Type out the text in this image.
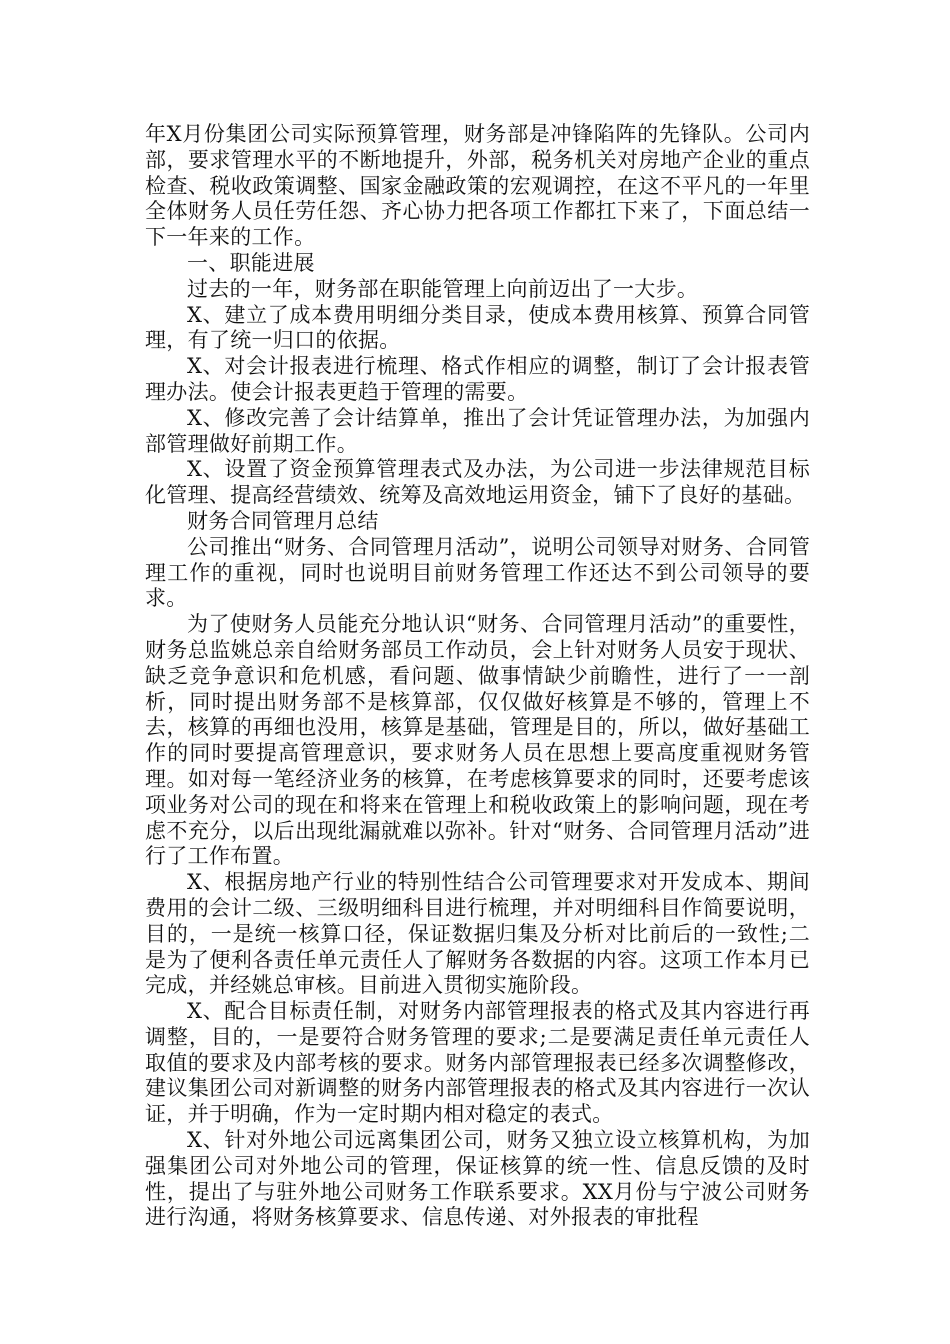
年X月份集团公司实际预算管理，财务部是冲锋陷阵的先锋队。公司内部，要求管理水平的不断地提升，外部，税务机关对房地产企业的重点检查、税收政策调整、国家金融政策的宏观调控，在这不平凡的一年里全体财务人员任劳任怨、齐心协力把各项工作都扛下来了，下面总结一下一年来的工作。

一、职能进展

过去的一年，财务部在职能管理上向前迈出了一大步。

X、建立了成本费用明细分类目录，使成本费用核算、预算合同管理，有了统一归口的依据。

X、对会计报表进行梳理、格式作相应的调整，制订了会计报表管理办法。使会计报表更趋于管理的需要。

X、修改完善了会计结算单，推出了会计凭证管理办法，为加强内部管理做好前期工作。

X、设置了资金预算管理表式及办法，为公司进一步法律规范目标化管理、提高经营绩效、统筹及高效地运用资金，铺下了良好的基础。

财务合同管理月总结

公司推出“财务、合同管理月活动”，说明公司领导对财务、合同管理工作的重视，同时也说明目前财务管理工作还达不到公司领导的要求。

为了使财务人员能充分地认识“财务、合同管理月活动”的重要性，财务总监姚总亲自给财务部员工作动员，会上针对财务人员安于现状、缺乏竞争意识和危机感，看问题、做事情缺少前瞻性，进行了一一剖析，同时提出财务部不是核算部，仅仅做好核算是不够的，管理上不去，核算的再细也没用，核算是基础，管理是目的，所以，做好基础工作的同时要提高管理意识，要求财务人员在思想上要高度重视财务管理。如对每一笔经济业务的核算，在考虑核算要求的同时，还要考虑该项业务对公司的现在和将来在管理上和税收政策上的影响问题，现在考虑不充分，以后出现纰漏就难以弥补。针对“财务、合同管理月活动”进行了工作布置。

X、根据房地产行业的特别性结合公司管理要求对开发成本、期间费用的会计二级、三级明细科目进行梳理，并对明细科目作简要说明，目的，一是统一核算口径，保证数据归集及分析对比前后的一致性;二是为了便利各责任单元责任人了解财务各数据的内容。这项工作本月已完成，并经姚总审核。目前进入贯彻实施阶段。

X、配合目标责任制，对财务内部管理报表的格式及其内容进行再调整，目的，一是要符合财务管理的要求;二是要满足责任单元责任人取值的要求及内部考核的要求。财务内部管理报表已经多次调整修改，建议集团公司对新调整的财务内部管理报表的格式及其内容进行一次认证，并于明确，作为一定时期内相对稳定的表式。

X、针对外地公司远离集团公司，财务又独立设立核算机构，为加强集团公司对外地公司的管理，保证核算的统一性、信息反馈的及时性，提出了与驻外地公司财务工作联系要求。XX月份与宁波公司财务进行沟通，将财务核算要求、信息传递、对外报表的审批程
